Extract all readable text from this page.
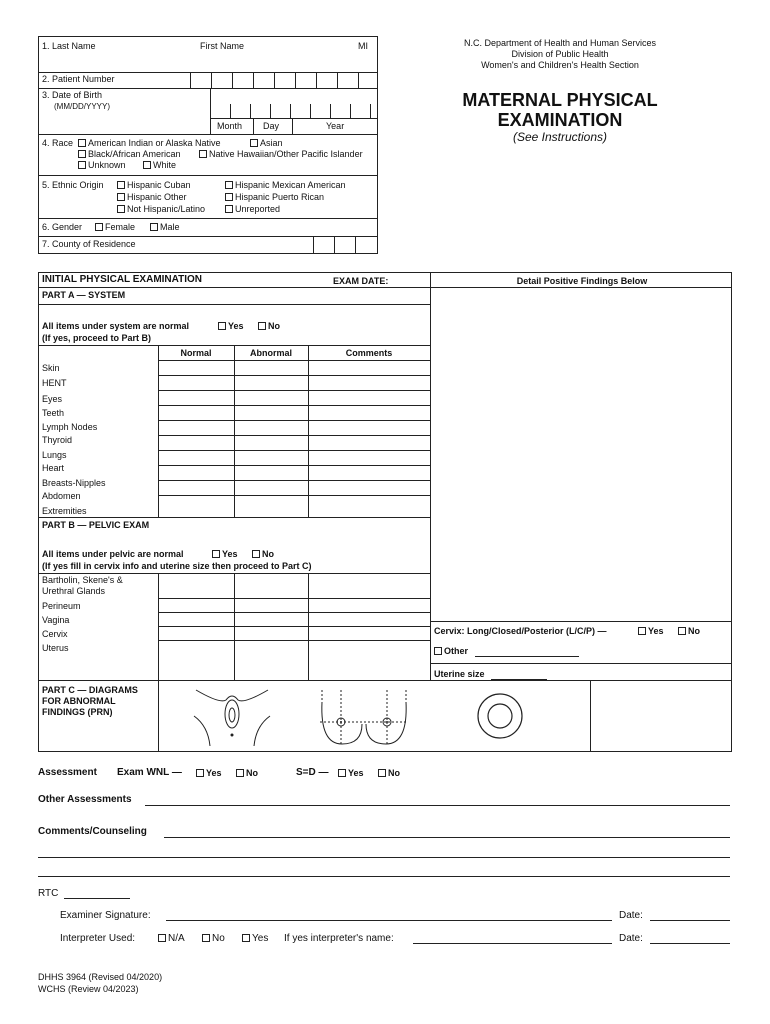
1. Last Name	First Name	MI
2. Patient Number
3. Date of Birth
(MM/DD/YYYY)
Month Day	Year
4. Race	American Indian or Alaska Native	Asian
Black/African American	Native Hawaiian/Other Pacific Islander
Unknown	White
5. Ethnic Origin	Hispanic Cuban	Hispanic Mexican American
Hispanic Other	Hispanic Puerto Rican
Not Hispanic/Latino	Unreported
6. Gender	Female	Male
7. County of Residence
N.C. Department of Health and Human Services
Division of Public Health
Women's and Children's Health Section
MATERNAL PHYSICAL
EXAMINATION
(See Instructions)
INITIAL PHYSICAL EXAMINATION	EXAM DATE:	Detail Positive Findings Below
PART A — SYSTEM
All items under system are normal	Yes	No
(If yes, proceed to Part B)
Normal	Abnormal	Comments
Skin
HENT
Eyes
Teeth
Lymph Nodes
Thyroid
Lungs
Heart
Breasts-Nipples
Abdomen
Extremities
PART B — PELVIC EXAM
All items under pelvic are normal	Yes	No
(If yes fill in cervix info and uterine size then proceed to Part C)
Bartholin, Skene's &
Urethral Glands
Perineum
Vagina
Cervix
Uterus
Cervix: Long/Closed/Posterior (L/C/P) —	Yes	No
Other
Uterine size
PART C — DIAGRAMS
FOR ABNORMAL
FINDINGS (PRN)
Assessment Exam WNL —	Yes	No	S=D —	Yes	No
Other Assessments
Comments/Counseling
RTC
Examiner Signature:	Date:
Interpreter Used:	N/A	No	Yes If yes interpreter's name:	Date:
DHHS 3964 (Revised 04/2020)
WCHS (Review 04/2023)
